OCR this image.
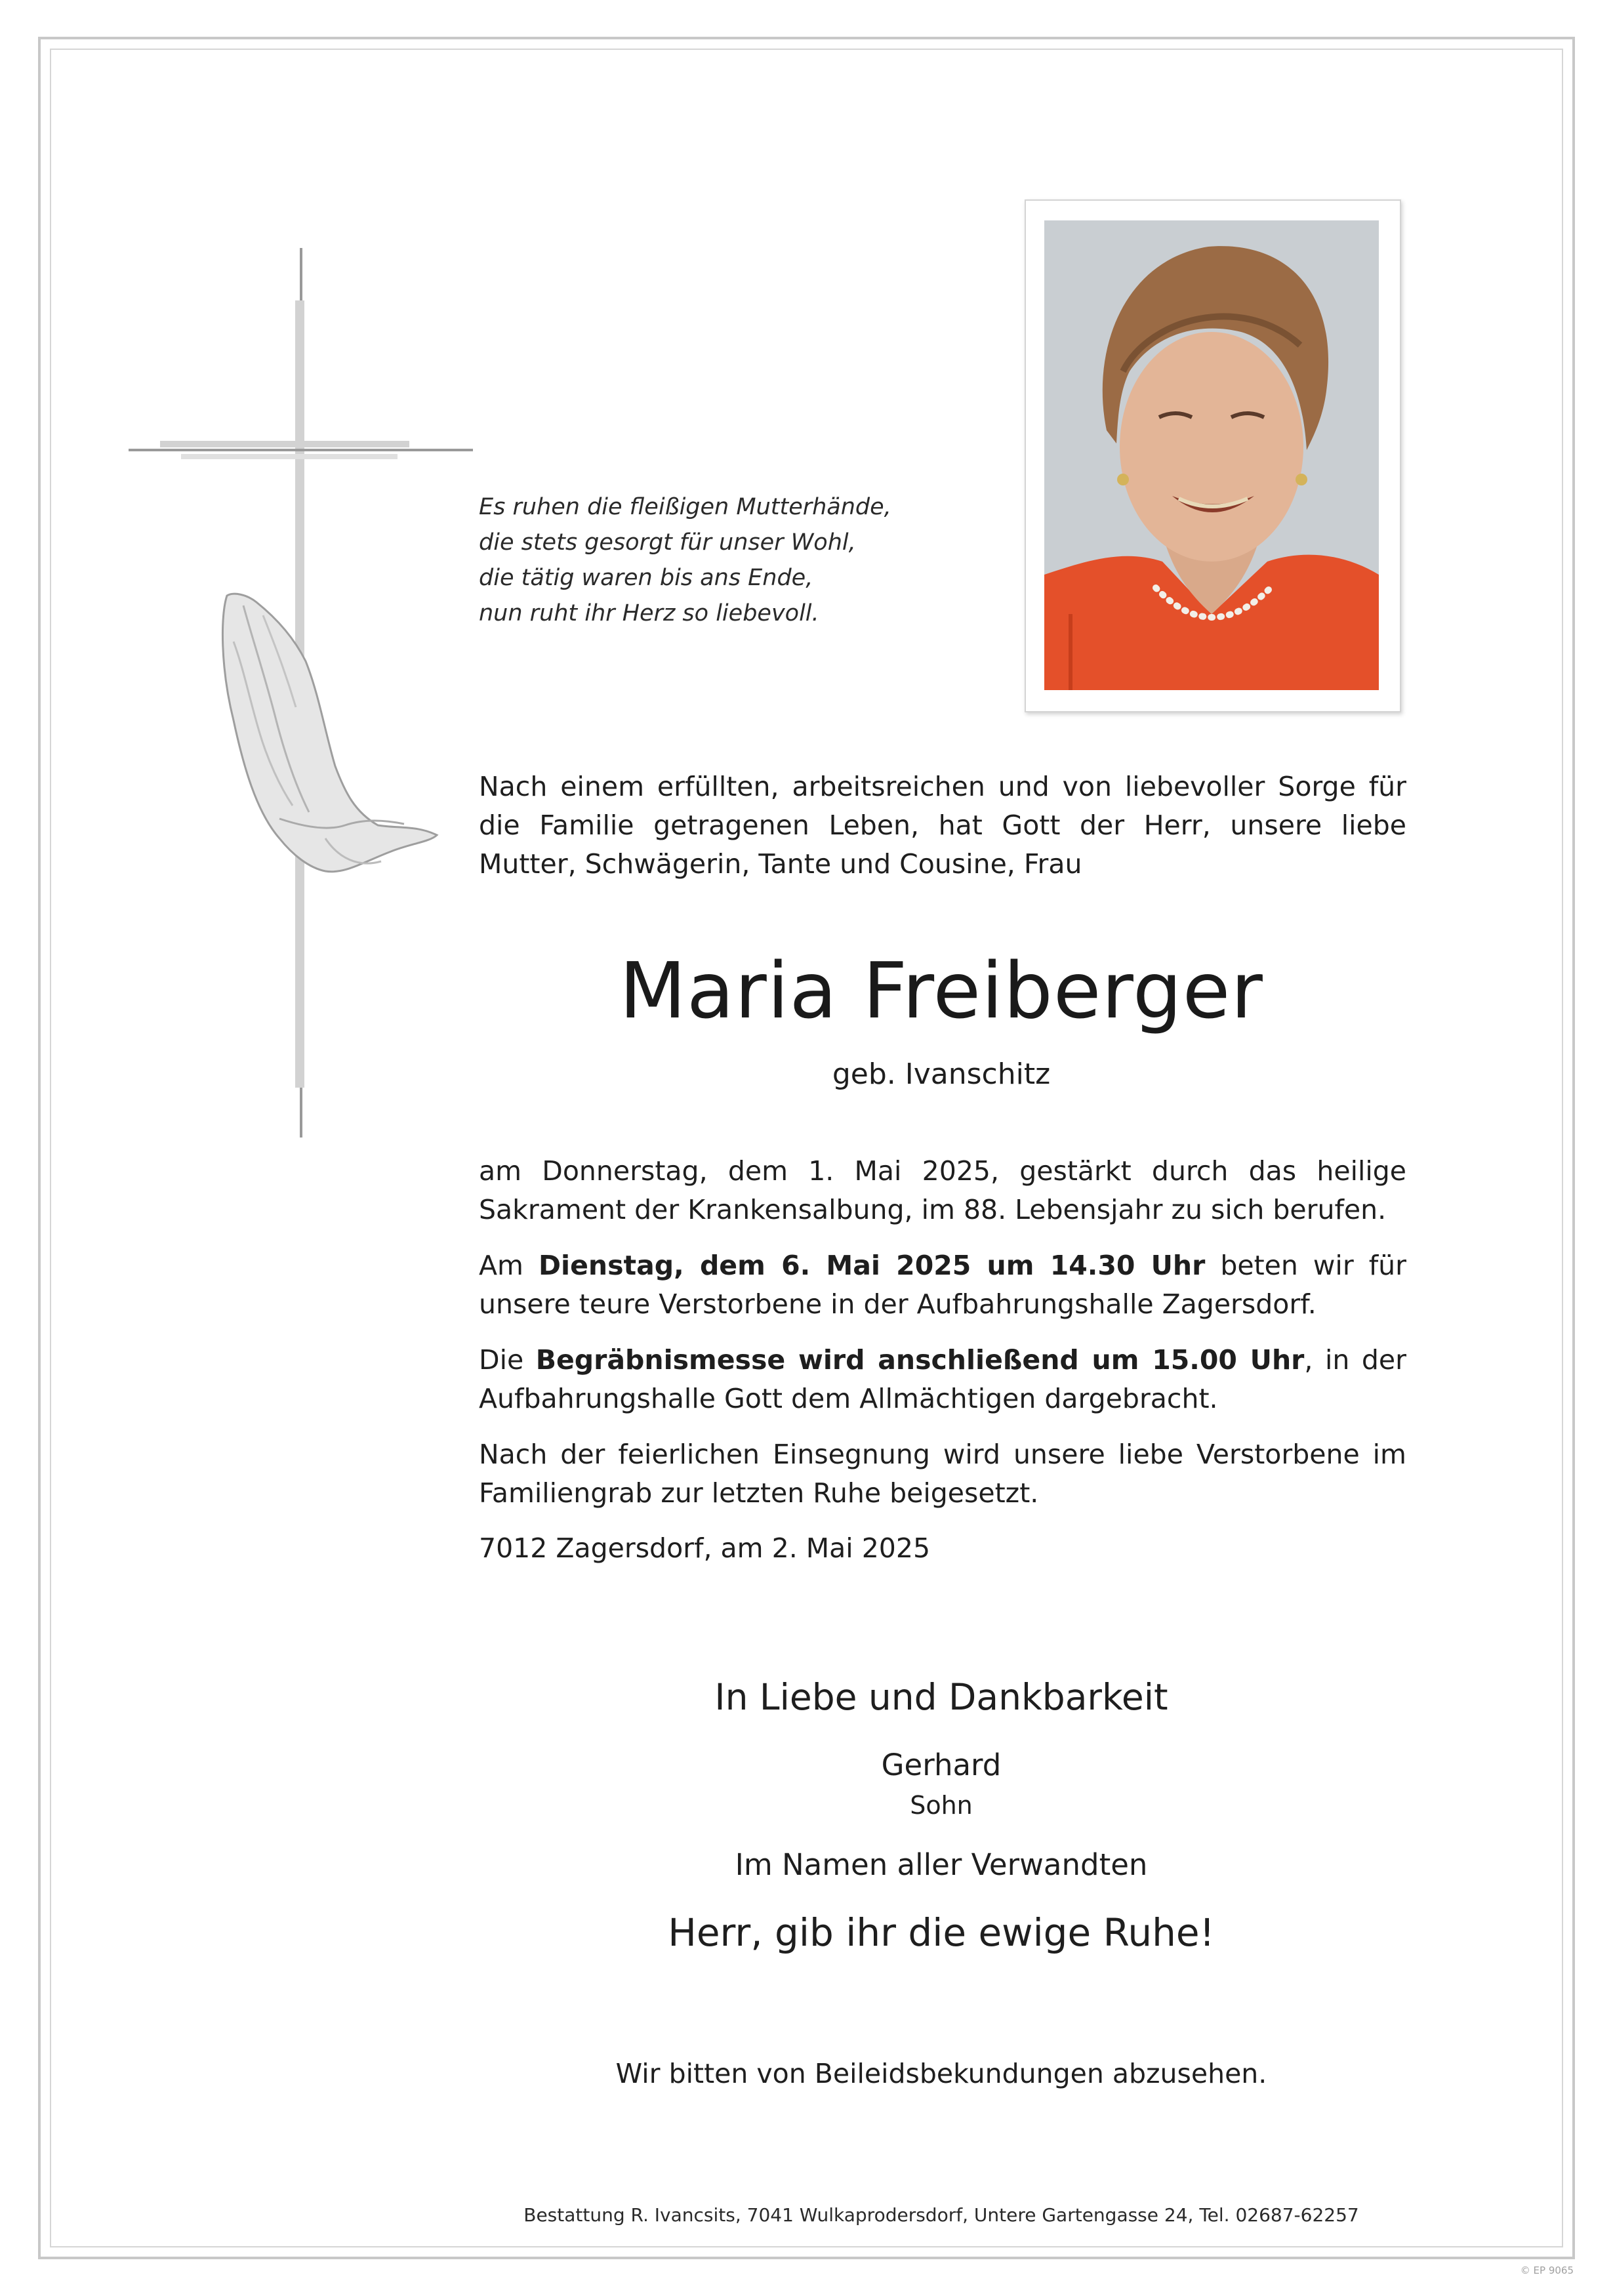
Es ruhen die fleißigen Mutterhände,
die stets gesorgt für unser Wohl,
die tätig waren bis ans Ende,
nun ruht ihr Herz so liebevoll.
Nach einem erfüllten, arbeitsreichen und von liebevoller Sorge für die Familie getragenen Leben, hat Gott der Herr, unsere liebe Mutter, Schwägerin, Tante und Cousine, Frau
Maria Freiberger
geb. Ivanschitz
am Donnerstag, dem 1. Mai 2025, gestärkt durch das heilige Sakrament der Krankensalbung, im 88. Lebensjahr zu sich berufen.
Am Dienstag, dem 6. Mai 2025 um 14.30 Uhr beten wir für unsere teure Verstorbene in der Aufbahrungshalle Zagersdorf.
Die Begräbnismesse wird anschließend um 15.00 Uhr, in der Aufbahrungshalle Gott dem Allmächtigen dargebracht.
Nach der feierlichen Einsegnung wird unsere liebe Verstorbene im Familiengrab zur letzten Ruhe beigesetzt.
7012 Zagersdorf, am 2. Mai 2025
In Liebe und Dankbarkeit
Gerhard
Sohn
Im Namen aller Verwandten
Herr, gib ihr die ewige Ruhe!
Wir bitten von Beileidsbekundungen abzusehen.
Bestattung R. Ivancsits, 7041 Wulkaprodersdorf, Untere Gartengasse 24, Tel. 02687-62257
© EP 9065
